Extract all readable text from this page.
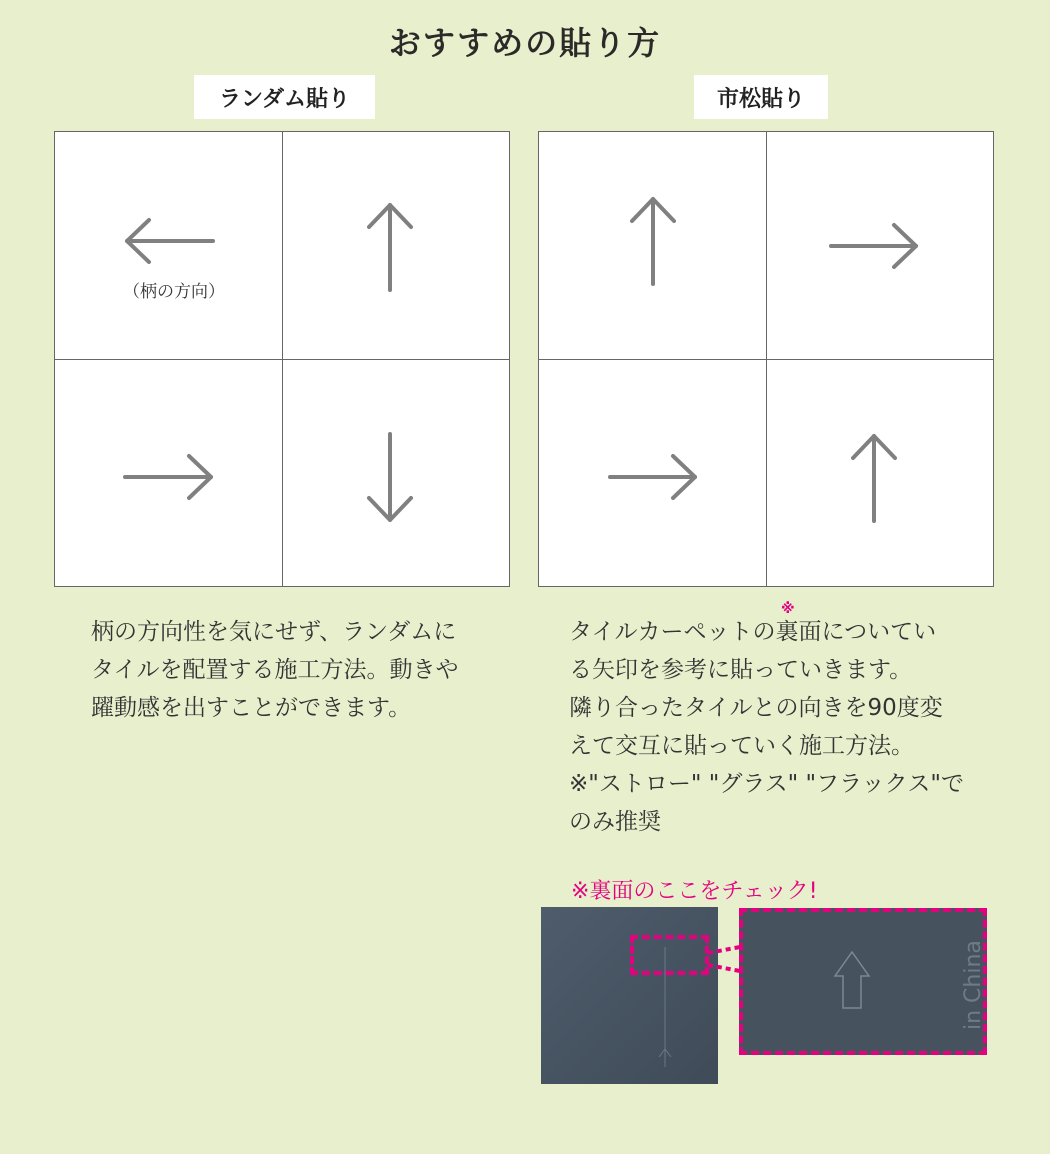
おすすめの貼り方
ランダム貼り
（柄の方向）
柄の方向性を気にせず、ランダムに
タイルを配置する施工方法。動きや
躍動感を出すことができます。
市松貼り
※
タイルカーペットの裏面についてい
る矢印を参考に貼っていきます。
隣り合ったタイルとの向きを90度変
えて交互に貼っていく施工方法。
※"ストロー" "グラス" "フラックス"で
のみ推奨
※裏面のここをチェック!
in China
